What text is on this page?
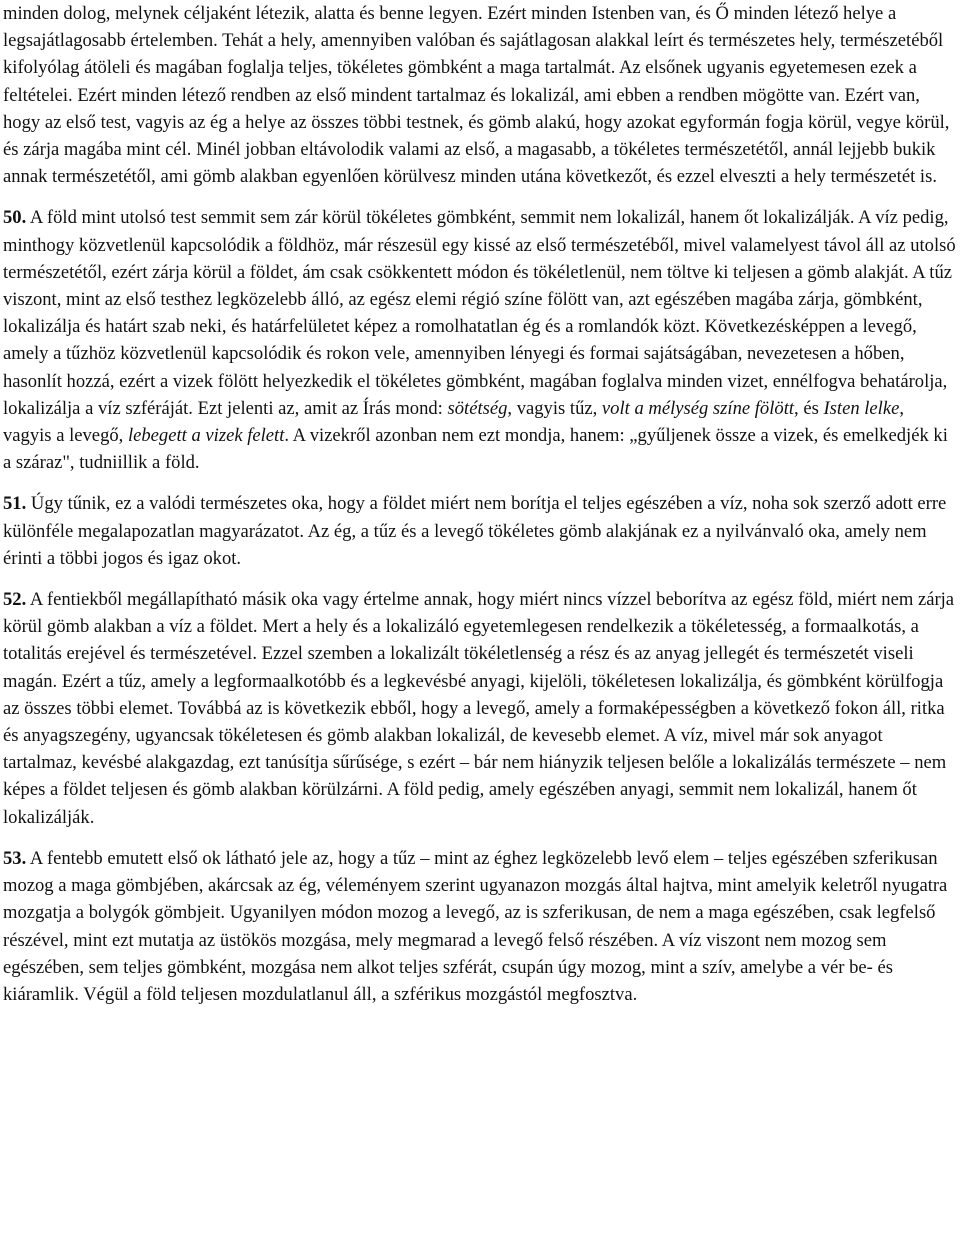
minden dolog, melynek céljaként létezik, alatta és benne legyen. Ezért minden Istenben van, és Ő minden létező helye a legsajátlagosabb értelemben. Tehát a hely, amennyiben valóban és sajátlagosan alakkal leírt és természetes hely, természetéből kifolyólag átöleli és magában foglalja teljes, tökéletes gömbként a maga tartalmát. Az elsőnek ugyanis egyetemesen ezek a feltételei. Ezért minden létező rendben az első mindent tartalmaz és lokalizál, ami ebben a rendben mögötte van. Ezért van, hogy az első test, vagyis az ég a helye az összes többi testnek, és gömb alakú, hogy azokat egyformán fogja körül, vegye körül, és zárja magába mint cél. Minél jobban eltávolodik valami az első, a magasabb, a tökéletes természetétől, annál lejjebb bukik annak természetétől, ami gömb alakban egyenlően körülvesz minden utána következőt, és ezzel elveszti a hely természetét is.

50. A föld mint utolsó test semmit sem zár körül tökéletes gömbként, semmit nem lokalizál, hanem őt lokalizálják. A víz pedig, minthogy közvetlenül kapcsolódik a földhöz, már részesül egy kissé az első természetéből, mivel valamelyest távol áll az utolsó természetétől, ezért zárja körül a földet, ám csak csökkentett módon és tökéletlenül, nem töltve ki teljesen a gömb alakját. A tűz viszont, mint az első testhez legközelebb álló, az egész elemi régió színe fölött van, azt egészében magába zárja, gömbként, lokalizálja és határt szab neki, és határfelületet képez a romolhatatlan ég és a romlandók közt. Következésképpen a levegő, amely a tűzhöz közvetlenül kapcsolódik és rokon vele, amennyiben lényegi és formai sajátságában, nevezetesen a hőben, hasonlít hozzá, ezért a vizek fölött helyezkedik el tökéletes gömbként, magában foglalva minden vizet, ennélfogva behatárolja, lokalizálja a víz szféráját. Ezt jelenti az, amit az Írás mond: sötétség, vagyis tűz, volt a mélység színe fölött, és Isten lelke, vagyis a levegő, lebegett a vizek felett. A vizekről azonban nem ezt mondja, hanem: „gyűljenek össze a vizek, és emelkedjék ki a száraz", tudniillik a föld.

51. Úgy tűnik, ez a valódi természetes oka, hogy a földet miért nem borítja el teljes egészében a víz, noha sok szerző adott erre különféle megalapozatlan magyarázatot. Az ég, a tűz és a levegő tökéletes gömb alakjának ez a nyilvánvaló oka, amely nem érinti a többi jogos és igaz okot.

52. A fentiekből megállapítható másik oka vagy értelme annak, hogy miért nincs vízzel beborítva az egész föld, miért nem zárja körül gömb alakban a víz a földet. Mert a hely és a lokalizáló egyetemlegesen rendelkezik a tökéletesség, a formaalkotás, a totalitás erejével és természetével. Ezzel szemben a lokalizált tökéletlenség a rész és az anyag jellegét és természetét viseli magán. Ezért a tűz, amely a legformaalkotóbb és a legkevésbé anyagi, kijelöli, tökéletesen lokalizálja, és gömbként körülfogja az összes többi elemet. Továbbá az is következik ebből, hogy a levegő, amely a formaképességben a következő fokon áll, ritka és anyagszegény, ugyancsak tökéletesen és gömb alakban lokalizál, de kevesebb elemet. A víz, mivel már sok anyagot tartalmaz, kevésbé alakgazdag, ezt tanúsítja sűrűsége, s ezért – bár nem hiányzik teljesen belőle a lokalizálás természete – nem képes a földet teljesen és gömb alakban körülzárni. A föld pedig, amely egészében anyagi, semmit nem lokalizál, hanem őt lokalizálják.

53. A fentebb emutett első ok látható jele az, hogy a tűz – mint az éghez legközelebb levő elem – teljes egészében szferikusan mozog a maga gömbjében, akárcsak az ég, véleményem szerint ugyanazon mozgás által hajtva, mint amelyik keletről nyugatra mozgatja a bolygók gömbjeit. Ugyanilyen módon mozog a levegő, az is szferikusan, de nem a maga egészében, csak legfelső részével, mint ezt mutatja az üstökös mozgása, mely megmarad a levegő felső részében. A víz viszont nem mozog sem egészében, sem teljes gömbként, mozgása nem alkot teljes szférát, csupán úgy mozog, mint a szív, amelybe a vér be- és kiáramlik. Végül a föld teljesen mozdulatlanul áll, a szférikus mozgástól megfosztva.
